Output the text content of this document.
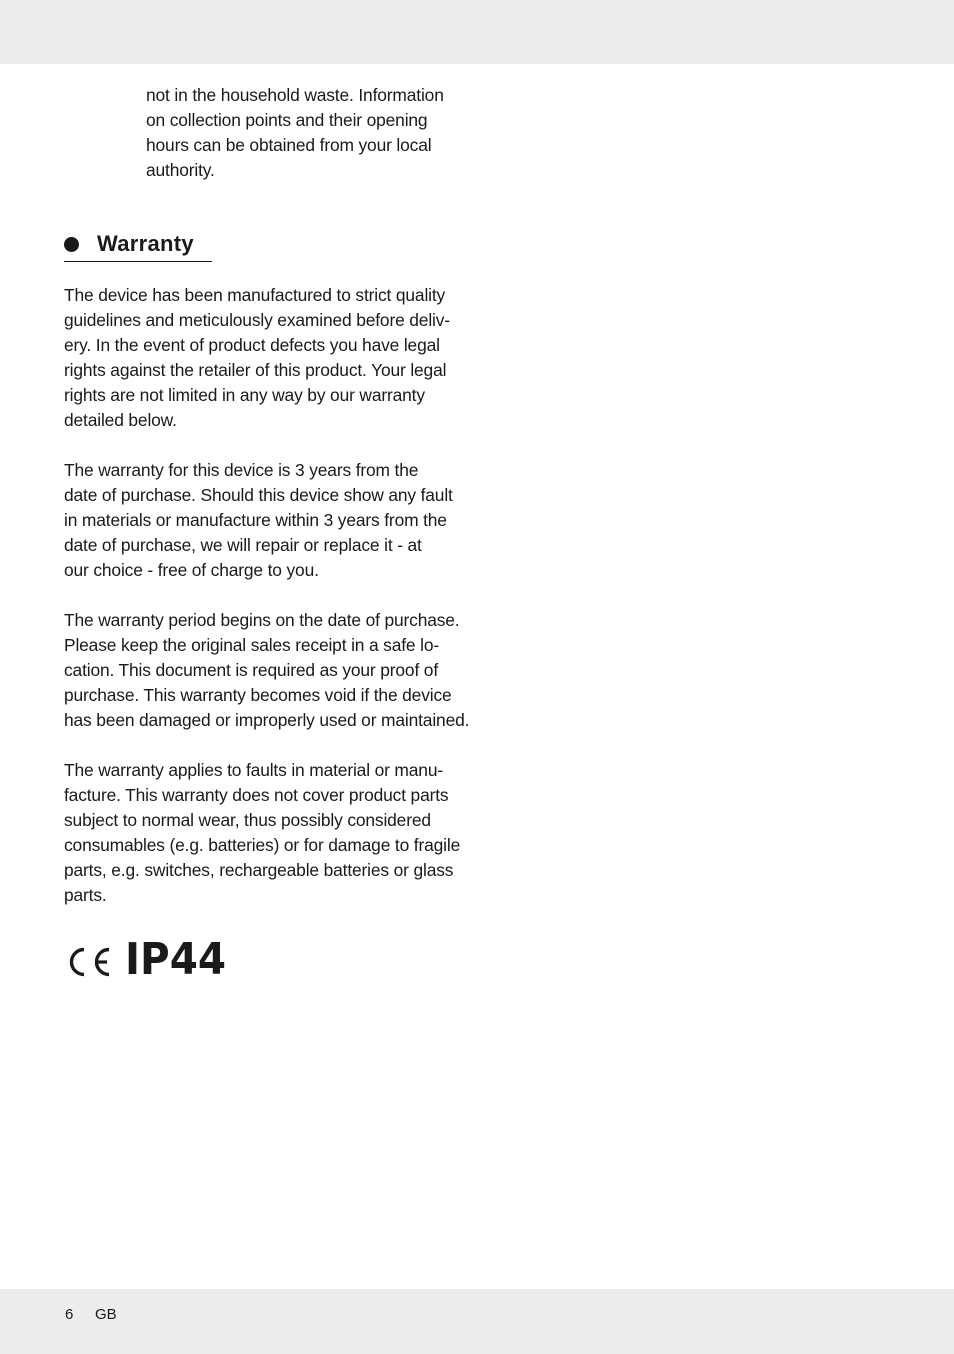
not in the household waste. Information
on collection points and their opening
hours can be obtained from your local
authority.
Warranty
The device has been manufactured to strict quality
guidelines and meticulously examined before deliv-
ery. In the event of product defects you have legal
rights against the retailer of this product. Your legal
rights are not limited in any way by our warranty
detailed below.
The warranty for this device is 3 years from the
date of purchase. Should this device show any fault
in materials or manufacture within 3 years from the
date of purchase, we will repair or replace it - at
our choice - free of charge to you.
The warranty period begins on the date of purchase.
Please keep the original sales receipt in a safe lo-
cation. This document is required as your proof of
purchase. This warranty becomes void if the device
has been damaged or improperly used or maintained.
The warranty applies to faults in material or manu-
facture. This warranty does not cover product parts
subject to normal wear, thus possibly considered
consumables (e.g. batteries) or for damage to fragile
parts, e.g. switches, rechargeable batteries or glass
parts.
IP44
6 GB
